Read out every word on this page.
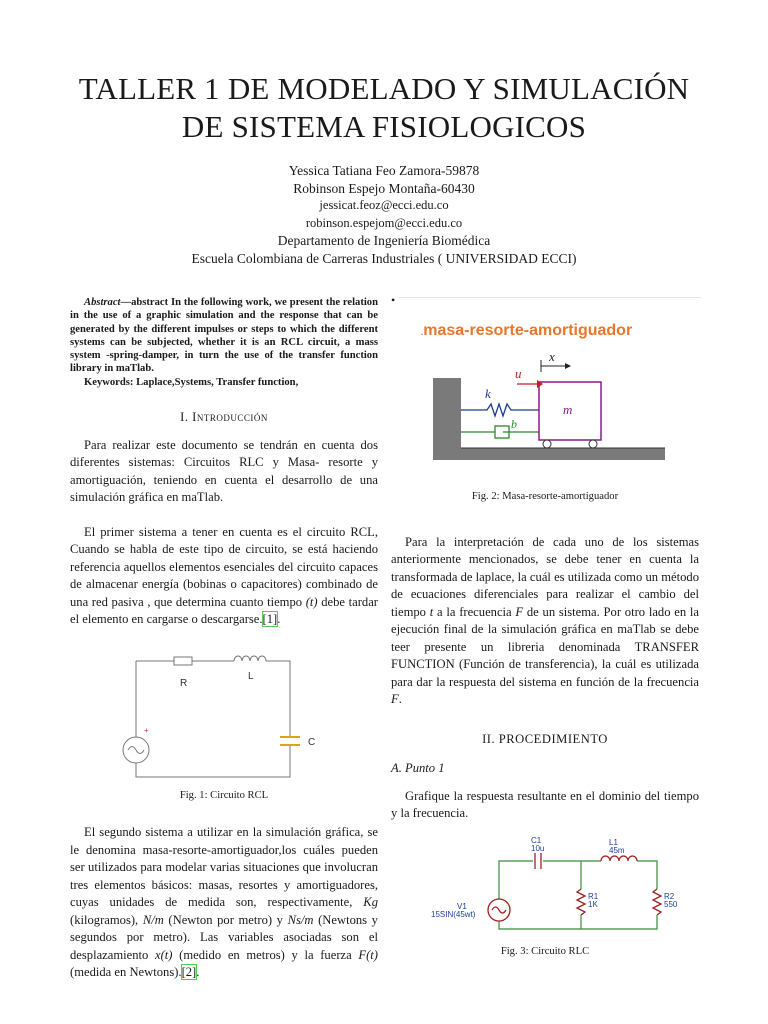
TALLER 1 DE MODELADO Y SIMULACIÓN
DE SISTEMA FISIOLOGICOS
Yessica Tatiana Feo Zamora-59878
Robinson Espejo Montaña-60430
jessicat.feoz@ecci.edu.co
robinson.espejom@ecci.edu.co
Departamento de Ingeniería Biomédica
Escuela Colombiana de Carreras Industriales ( UNIVERSIDAD ECCI)

Abstract—abstract In the following work, we present the relation in the use of a graphic simulation and the response that can be generated by the different impulses or steps to which the different systems can be subjected, whether it is an RCL circuit, a mass system -spring-damper, in turn the use of the transfer function library in maTlab.

Keywords: Laplace,Systems, Transfer function,

I. Introducción

Para realizar este documento se tendrán en cuenta dos diferentes sistemas: Circuitos RLC y Masa- resorte y amortiguación, teniendo en cuenta el desarrollo de una simulación gráfica en maTlab.

El primer sistema a tener en cuenta es el circuito RCL, Cuando se habla de este tipo de circuito, se está haciendo referencia aquellos elementos esenciales del circuito capaces de almacenar energía (bobinas o capacitores) combinado de una red pasiva , que determina cuanto tiempo (t) debe tardar el elemento en cargarse o descargarse.[1].

R
L
C
+

Fig. 1: Circuito RCL

El segundo sistema a utilizar en la simulación gráfica, se le denomina masa-resorte-amortiguador,los cuáles pueden ser utilizados para modelar varias situaciones que involucran tres elementos básicos: masas, resortes y amortiguadores, cuyas unidades de medida son, respectivamente, Kg (kilogramos), N/m (Newton por metro) y Ns/m (Newtons y segundos por metro). Las variables asociadas son el desplazamiento x(t) (medido en metros) y la fuerza F(t) (medida en Newtons).[2].

•
.masa-resorte-amortiguador
x
u
k
b
m

Fig. 2: Masa-resorte-amortiguador

Para la interpretación de cada uno de los sistemas anteriormente mencionados, se debe tener en cuenta la transformada de laplace, la cuál es utilizada como un método de ecuaciones diferenciales para realizar el cambio del tiempo t a la frecuencia F de un sistema. Por otro lado en la ejecución final de la simulación gráfica en maTlab se debe teer presente un libreria denominada TRANSFER FUNCTION (Función de transferencia), la cuál es utilizada para dar la respuesta del sistema en función de la frecuencia F.

II. PROCEDIMIENTO

A. Punto 1

Grafique la respuesta resultante en el dominio del tiempo y la frecuencia.

C1
10u
L1
45m
R1
1K
R2
550
V1
15SIN(45wt)

Fig. 3: Circuito RLC
